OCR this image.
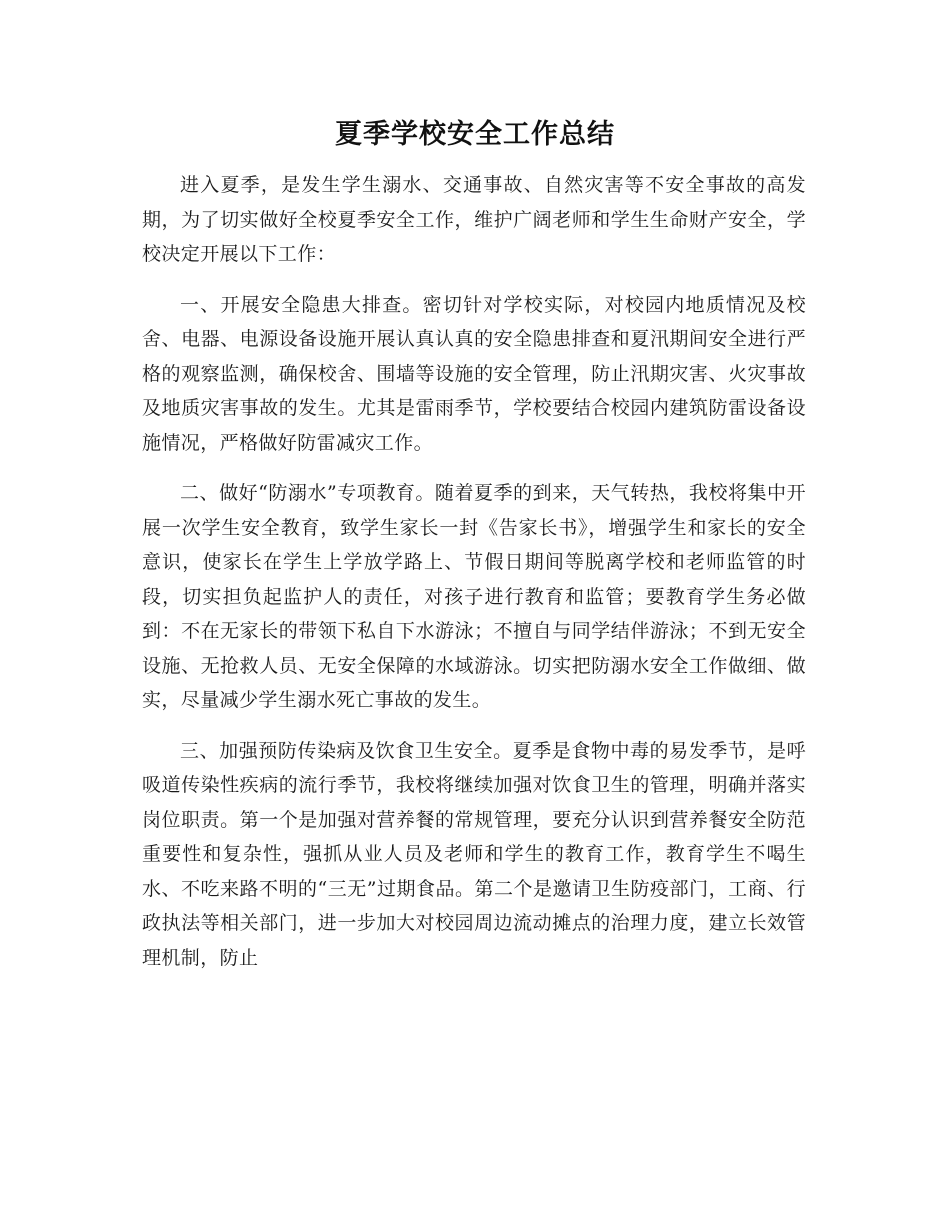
夏季学校安全工作总结

进入夏季，是发生学生溺水、交通事故、自然灾害等不安全事故的高发期，为了切实做好全校夏季安全工作，维护广阔老师和学生生命财产安全，学校决定开展以下工作：

一、开展安全隐患大排查。密切针对学校实际，对校园内地质情况及校舍、电器、电源设备设施开展认真认真的安全隐患排查和夏汛期间安全进行严格的观察监测，确保校舍、围墙等设施的安全管理，防止汛期灾害、火灾事故及地质灾害事故的发生。尤其是雷雨季节，学校要结合校园内建筑防雷设备设施情况，严格做好防雷减灾工作。

二、做好“防溺水”专项教育。随着夏季的到来，天气转热，我校将集中开展一次学生安全教育，致学生家长一封《告家长书》，增强学生和家长的安全意识，使家长在学生上学放学路上、节假日期间等脱离学校和老师监管的时段，切实担负起监护人的责任，对孩子进行教育和监管；要教育学生务必做到：不在无家长的带领下私自下水游泳；不擅自与同学结伴游泳；不到无安全设施、无抢救人员、无安全保障的水域游泳。切实把防溺水安全工作做细、做实，尽量减少学生溺水死亡事故的发生。

三、加强预防传染病及饮食卫生安全。夏季是食物中毒的易发季节，是呼吸道传染性疾病的流行季节，我校将继续加强对饮食卫生的管理，明确并落实岗位职责。第一个是加强对营养餐的常规管理，要充分认识到营养餐安全防范重要性和复杂性，强抓从业人员及老师和学生的教育工作，教育学生不喝生水、不吃来路不明的“三无”过期食品。第二个是邀请卫生防疫部门，工商、行政执法等相关部门，进一步加大对校园周边流动摊点的治理力度，建立长效管理机制，防止
